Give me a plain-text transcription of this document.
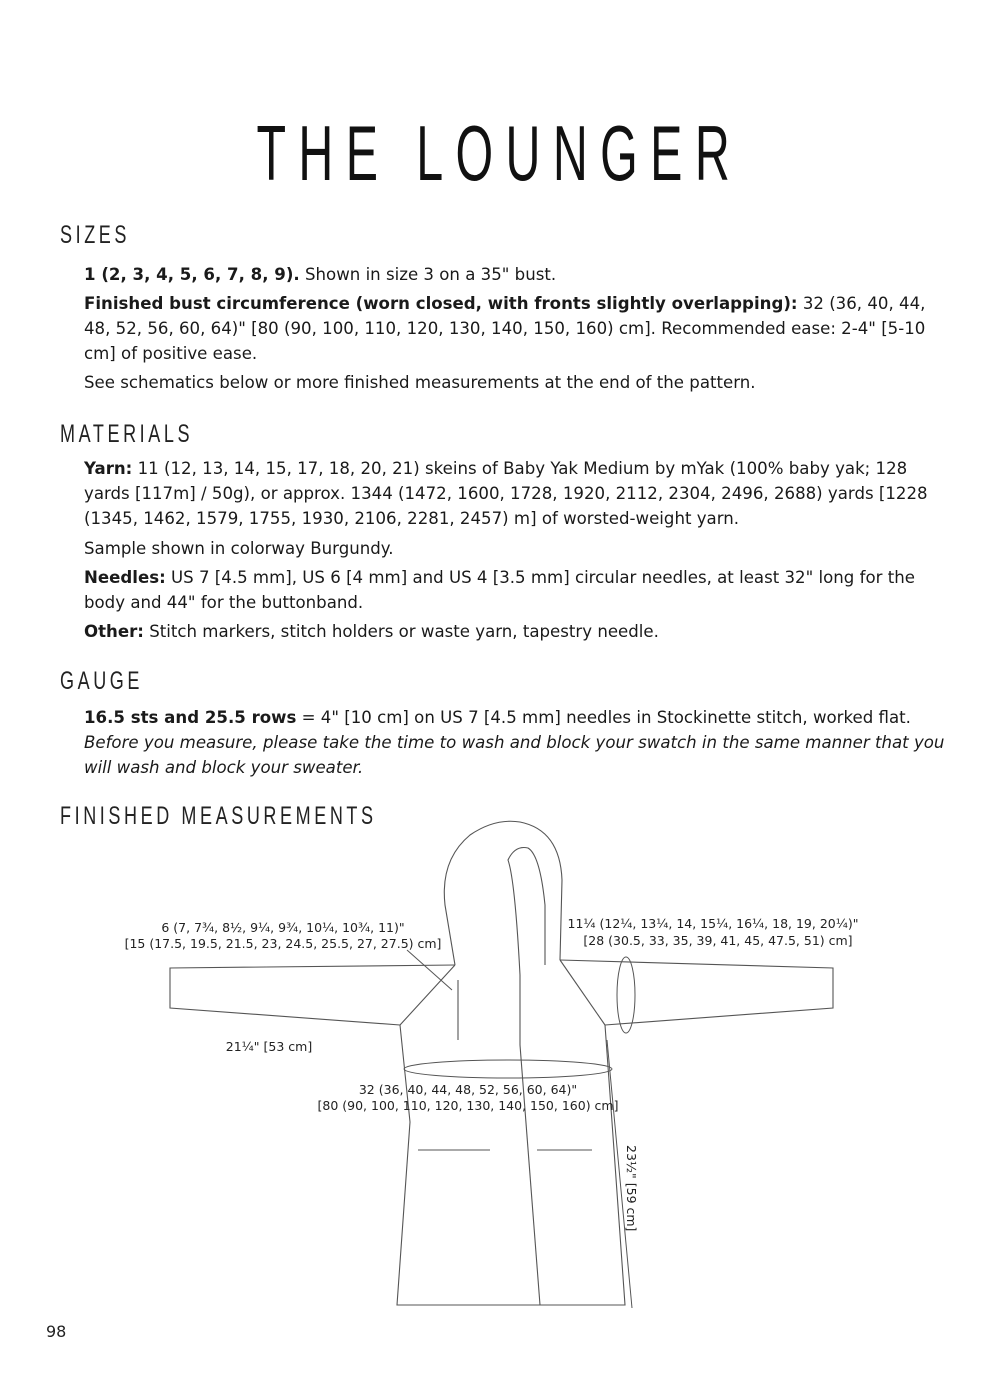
THE LOUNGER
SIZES
1 (2, 3, 4, 5, 6, 7, 8, 9). Shown in size 3 on a 35" bust.
Finished bust circumference (worn closed, with fronts slightly overlapping): 32 (36, 40, 44, 48, 52, 56, 60, 64)" [80 (90, 100, 110, 120, 130, 140, 150, 160) cm]. Recommended ease: 2-4" [5-10 cm] of positive ease.
See schematics below or more finished measurements at the end of the pattern.
MATERIALS
Yarn: 11 (12, 13, 14, 15, 17, 18, 20, 21) skeins of Baby Yak Medium by mYak (100% baby yak; 128 yards [117m] / 50g), or approx. 1344 (1472, 1600, 1728, 1920, 2112, 2304, 2496, 2688) yards [1228 (1345, 1462, 1579, 1755, 1930, 2106, 2281, 2457) m] of worsted-weight yarn.
Sample shown in colorway Burgundy.
Needles: US 7 [4.5 mm], US 6 [4 mm] and US 4 [3.5 mm] circular needles, at least 32" long for the body and 44" for the buttonband.
Other: Stitch markers, stitch holders or waste yarn, tapestry needle.
GAUGE
16.5 sts and 25.5 rows = 4" [10 cm] on US 7 [4.5 mm] needles in Stockinette stitch, worked flat.
Before you measure, please take the time to wash and block your swatch in the same manner that you will wash and block your sweater.
FINISHED MEASUREMENTS
6 (7, 7¾, 8½, 9¼, 9¾, 10¼, 10¾, 11)"
[15 (17.5, 19.5, 21.5, 23, 24.5, 25.5, 27, 27.5) cm]
11¼ (12¼, 13¼, 14, 15¼, 16¼, 18, 19, 20¼)"
[28 (30.5, 33, 35, 39, 41, 45, 47.5, 51) cm]
21¼" [53 cm]
32 (36, 40, 44, 48, 52, 56, 60, 64)"
[80 (90, 100, 110, 120, 130, 140, 150, 160) cm]
23½" [59 cm]
98
